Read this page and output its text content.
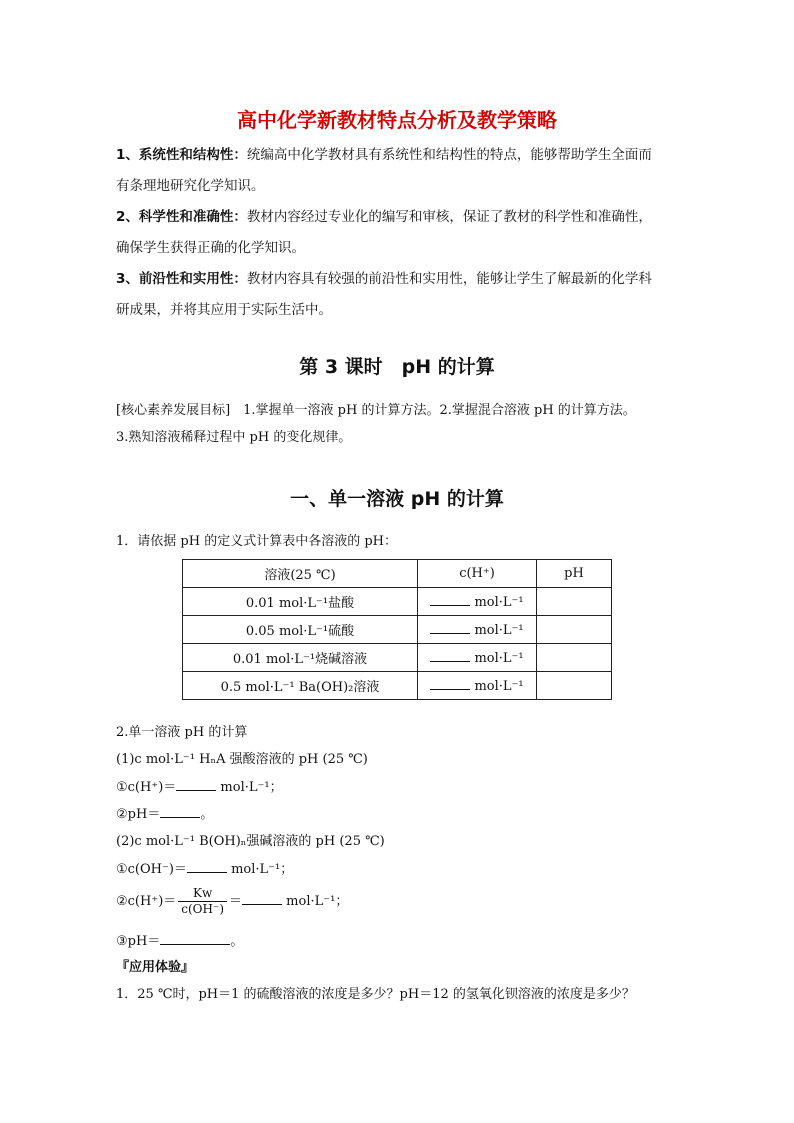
高中化学新教材特点分析及教学策略
1、系统性和结构性：统编高中化学教材具有系统性和结构性的特点，能够帮助学生全面而
有条理地研究化学知识。
2、科学性和准确性：教材内容经过专业化的编写和审核，保证了教材的科学性和准确性，
确保学生获得正确的化学知识。
3、前沿性和实用性：教材内容具有较强的前沿性和实用性，能够让学生了解最新的化学科
研成果，并将其应用于实际生活中。
第 3 课时　pH 的计算
[核心素养发展目标]　1.掌握单一溶液 pH 的计算方法。2.掌握混合溶液 pH 的计算方法。
3.熟知溶液稀释过程中 pH 的变化规律。
一、单一溶液 pH 的计算
1．请依据 pH 的定义式计算表中各溶液的 pH：
溶液(25 ℃)	c(H⁺)	pH
0.01 mol·L⁻¹盐酸	mol·L⁻¹	
0.05 mol·L⁻¹硫酸	mol·L⁻¹	
0.01 mol·L⁻¹烧碱溶液	mol·L⁻¹	
0.5 mol·L⁻¹ Ba(OH)₂溶液	mol·L⁻¹	
2.单一溶液 pH 的计算
(1)c mol·L⁻¹ HₙA 强酸溶液的 pH (25 ℃)
①c(H⁺)＝	mol·L⁻¹；
②pH＝	。
(2)c mol·L⁻¹ B(OH)ₙ强碱溶液的 pH (25 ℃)
①c(OH⁻)＝	mol·L⁻¹；
②c(H⁺)＝ $\frac{Kw}{c(OH^-)}$ ＝	mol·L⁻¹；
③pH＝	。
『应用体验』
1．25 ℃时，pH＝1 的硫酸溶液的浓度是多少？pH＝12 的氢氧化钡溶液的浓度是多少？
